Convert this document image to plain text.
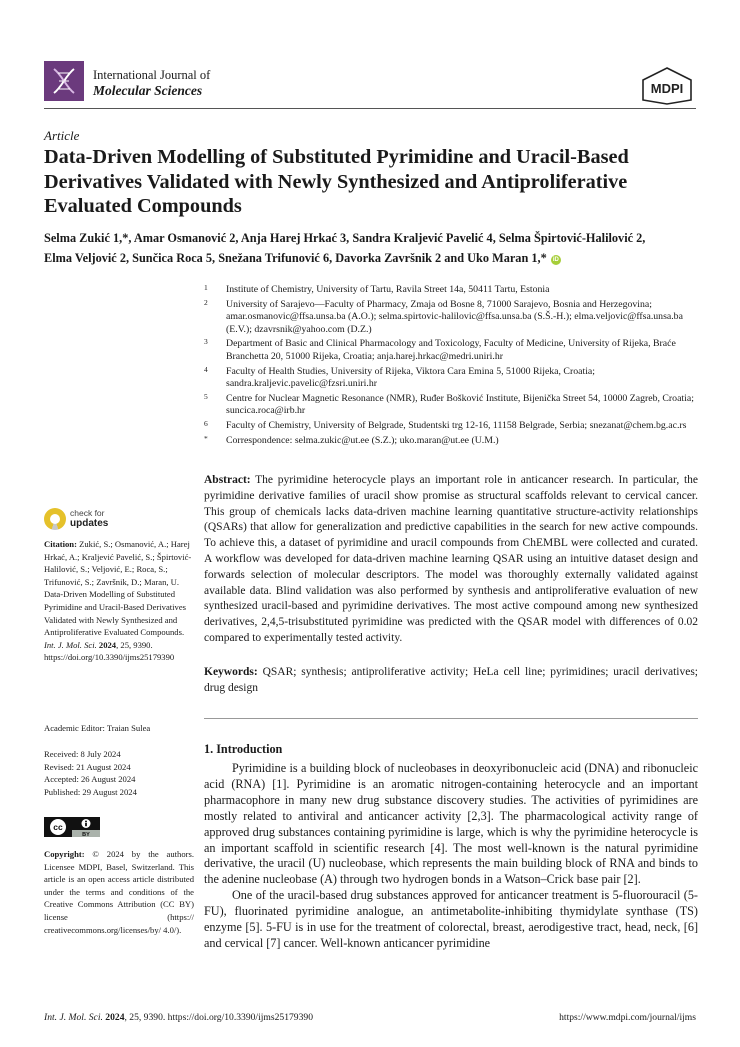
International Journal of
Molecular Sciences	MDPI
Article
Data-Driven Modelling of Substituted Pyrimidine and Uracil-Based Derivatives Validated with Newly Synthesized and Antiproliferative Evaluated Compounds
Selma Zukić 1,*, Amar Osmanović 2, Anja Harej Hrkać 3, Sandra Kraljević Pavelić 4, Selma Špirtović-Halilović 2,
Elma Veljović 2, Sunčica Roca 5, Snežana Trifunović 6, Davorka Završnik 2 and Uko Maran 1,* iD
1 Institute of Chemistry, University of Tartu, Ravila Street 14a, 50411 Tartu, Estonia
2 University of Sarajevo—Faculty of Pharmacy, Zmaja od Bosne 8, 71000 Sarajevo, Bosnia and Herzegovina; amar.osmanovic@ffsa.unsa.ba (A.O.); selma.spirtovic-halilovic@ffsa.unsa.ba (S.Š.-H.); elma.veljovic@ffsa.unsa.ba (E.V.); dzavrsnik@yahoo.com (D.Z.)
3 Department of Basic and Clinical Pharmacology and Toxicology, Faculty of Medicine, University of Rijeka, Braće Branchetta 20, 51000 Rijeka, Croatia; anja.harej.hrkac@medri.uniri.hr
4 Faculty of Health Studies, University of Rijeka, Viktora Cara Emina 5, 51000 Rijeka, Croatia; sandra.kraljevic.pavelic@fzsri.uniri.hr
5 Centre for Nuclear Magnetic Resonance (NMR), Ruđer Bošković Institute, Bijenička Street 54, 10000 Zagreb, Croatia; suncica.roca@irb.hr
6 Faculty of Chemistry, University of Belgrade, Studentski trg 12-16, 11158 Belgrade, Serbia; snezanat@chem.bg.ac.rs
* Correspondence: selma.zukic@ut.ee (S.Z.); uko.maran@ut.ee (U.M.)
Abstract: The pyrimidine heterocycle plays an important role in anticancer research. In particular, the pyrimidine derivative families of uracil show promise as structural scaffolds relevant to cervical cancer. This group of chemicals lacks data-driven machine learning quantitative structure-activity relationships (QSARs) that allow for generalization and predictive capabilities in the search for new active compounds. To achieve this, a dataset of pyrimidine and uracil compounds from ChEMBL were collected and curated. A workflow was developed for data-driven machine learning QSAR using an intuitive dataset design and forwards selection of molecular descriptors. The model was thoroughly externally validated against available data. Blind validation was also performed by synthesis and antiproliferative evaluation of new synthesized uracil-based and pyrimidine derivatives. The most active compound among new synthesized derivatives, 2,4,5-trisubstituted pyrimidine was predicted with the QSAR model with differences of 0.02 compared to experimentally tested activity.
Keywords: QSAR; synthesis; antiproliferative activity; HeLa cell line; pyrimidines; uracil derivatives; drug design
check for
updates
Citation: Zukić, S.; Osmanović, A.; Harej Hrkać, A.; Kraljević Pavelić, S.; Špirtović-Halilović, S.; Veljović, E.; Roca, S.; Trifunović, S.; Završnik, D.; Maran, U. Data-Driven Modelling of Substituted Pyrimidine and Uracil-Based Derivatives Validated with Newly Synthesized and Antiproliferative Evaluated Compounds. Int. J. Mol. Sci. 2024, 25, 9390. https://doi.org/10.3390/ijms25179390
Academic Editor: Traian Sulea
Received: 8 July 2024
Revised: 21 August 2024
Accepted: 26 August 2024
Published: 29 August 2024
cc
BY
Copyright: © 2024 by the authors. Licensee MDPI, Basel, Switzerland. This article is an open access article distributed under the terms and conditions of the Creative Commons Attribution (CC BY) license (https:// creativecommons.org/licenses/by/ 4.0/).
1. Introduction

Pyrimidine is a building block of nucleobases in deoxyribonucleic acid (DNA) and ribonucleic acid (RNA) [1]. Pyrimidine is an aromatic nitrogen-containing heterocycle and an important pharmacophore in many new drug substance discovery studies. The activities of pyrimidines are mostly related to antiviral and anticancer activity [2,3]. The pharmacological activity range of approved drug substances containing pyrimidine is large, which is why the pyrimidine heterocycle is an important scaffold in scientific research [4]. The most well-known is the natural pyrimidine derivative, the uracil (U) nucleobase, which represents the main building block of RNA and binds to the adenine nucleobase (A) through two hydrogen bonds in a Watson–Crick base pair [2].

One of the uracil-based drug substances approved for anticancer treatment is 5-fluorouracil (5-FU), fluorinated pyrimidine analogue, an antimetabolite-inhibiting thymidylate synthase (TS) enzyme [5]. 5-FU is in use for the treatment of colorectal, breast, aerodigestive tract, head, neck, [6] and cervical [7] cancer. Well-known anticancer pyrimidine

Int. J. Mol. Sci. 2024, 25, 9390. https://doi.org/10.3390/ijms25179390	https://www.mdpi.com/journal/ijms
